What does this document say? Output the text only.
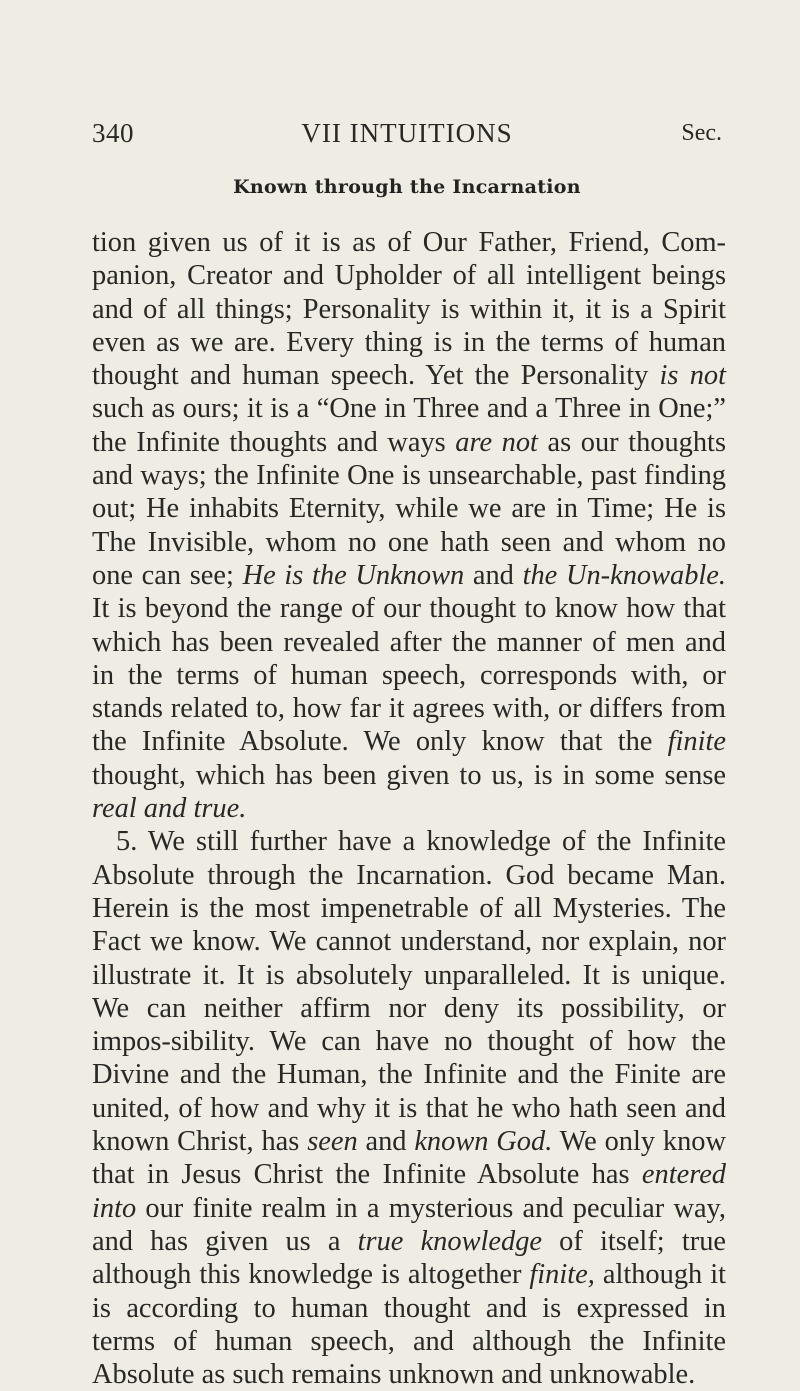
340	VII INTUITIONS	Sec.
Known through the Incarnation

tion given us of it is as of Our Father, Friend, Com-panion, Creator and Upholder of all intelligent beings and of all things; Personality is within it, it is a Spirit even as we are. Every thing is in the terms of human thought and human speech. Yet the Personality is not such as ours; it is a “One in Three and a Three in One;” the Infinite thoughts and ways are not as our thoughts and ways; the Infinite One is unsearchable, past finding out; He inhabits Eternity, while we are in Time; He is The Invisible, whom no one hath seen and whom no one can see; He is the Unknown and the Un-knowable. It is beyond the range of our thought to know how that which has been revealed after the manner of men and in the terms of human speech, corresponds with, or stands related to, how far it agrees with, or differs from the Infinite Absolute. We only know that the finite thought, which has been given to us, is in some sense real and true.

5. We still further have a knowledge of the Infinite Absolute through the Incarnation. God became Man. Herein is the most impenetrable of all Mysteries. The Fact we know. We cannot understand, nor explain, nor illustrate it. It is absolutely unparalleled. It is unique. We can neither affirm nor deny its possibility, or impos-sibility. We can have no thought of how the Divine and the Human, the Infinite and the Finite are united, of how and why it is that he who hath seen and known Christ, has seen and known God. We only know that in Jesus Christ the Infinite Absolute has entered into our finite realm in a mysterious and peculiar way, and has given us a true knowledge of itself; true although this knowledge is altogether finite, although it is according to human thought and is expressed in terms of human speech, and although the Infinite Absolute as such remains unknown and unknowable.
